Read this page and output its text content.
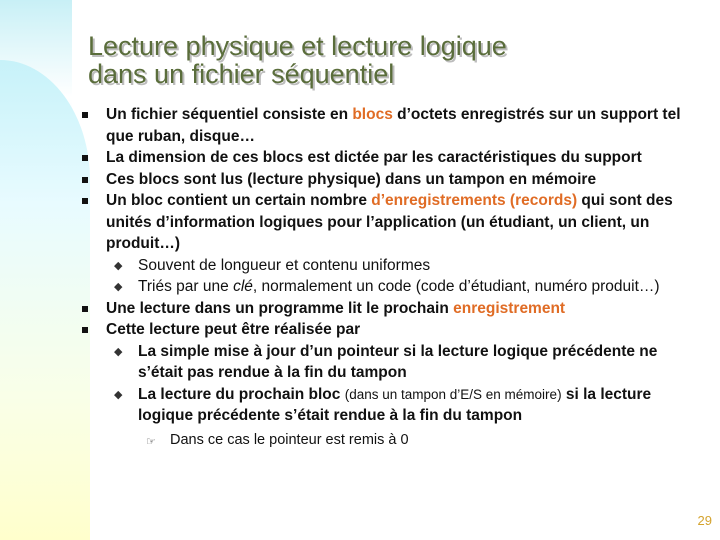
Lecture physique et lecture logique
dans un fichier séquentiel
Un fichier séquentiel consiste en blocs d’octets enregistrés sur un support tel que ruban, disque…
La dimension de ces blocs est dictée par les caractéristiques du support
Ces blocs sont lus (lecture physique) dans un tampon en mémoire
Un bloc contient un certain nombre d’enregistrements (records) qui sont des unités d’information logiques pour l’application (un étudiant, un client, un produit…)
◆ Souvent de longueur et contenu uniformes
◆ Triés par une clé, normalement un code (code d’étudiant, numéro produit…)
Une lecture dans un programme lit le prochain enregistrement
Cette lecture peut être réalisée par
◆ La simple mise à jour d’un pointeur si la lecture logique précédente ne s’était pas rendue à la fin du tampon
◆ La lecture du prochain bloc (dans un tampon d’E/S en mémoire) si la lecture logique précédente s’était rendue à la fin du tampon
☞ Dans ce cas le pointeur est remis à 0
29
